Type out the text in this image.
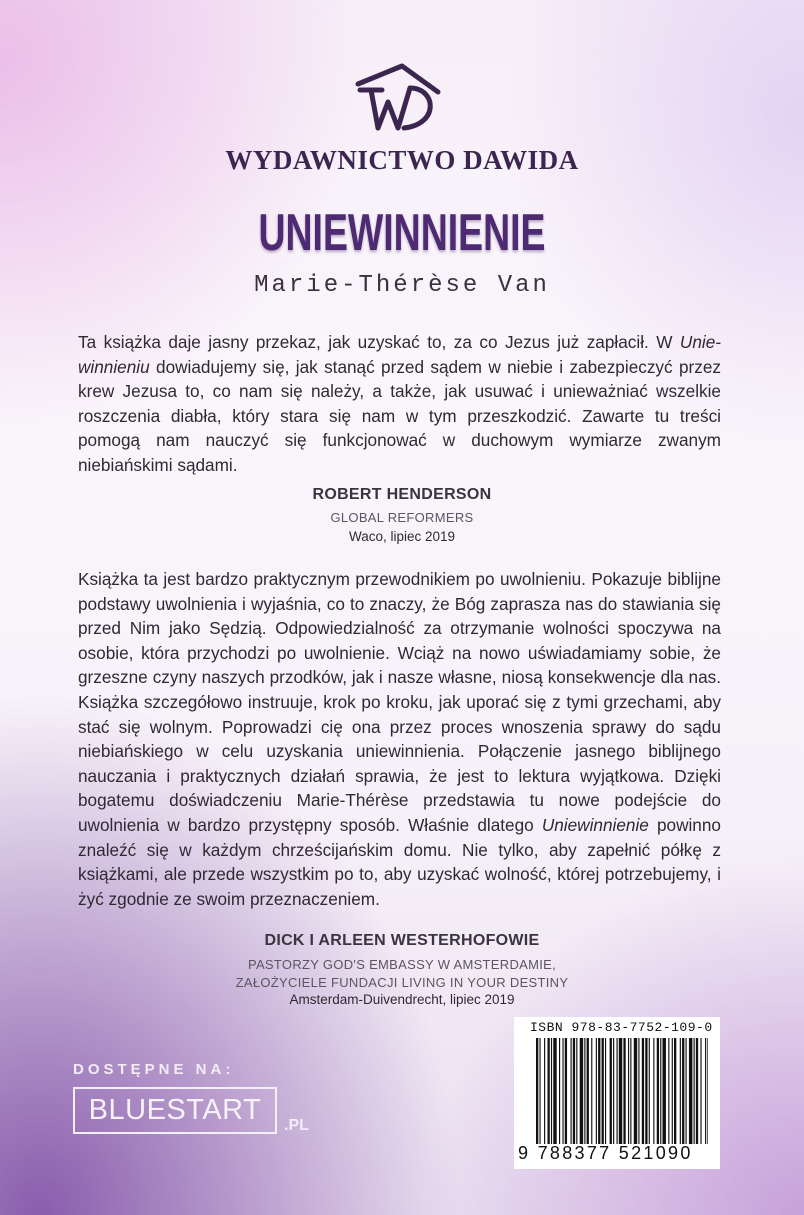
WYDAWNICTWO DAWIDA
UNIEWINNIENIE
Marie-Thérèse Van
Ta książka daje jasny przekaz, jak uzyskać to, za co Jezus już zapłacił. W Unie-winnieniu dowiadujemy się, jak stanąć przed sądem w niebie i zabezpieczyć przez krew Jezusa to, co nam się należy, a także, jak usuwać i unieważniać wszelkie roszczenia diabła, który stara się nam w tym przeszkodzić. Zawarte tu treści pomogą nam nauczyć się funkcjonować w duchowym wymiarze zwanym niebiańskimi sądami.
ROBERT HENDERSON
GLOBAL REFORMERS
Waco, lipiec 2019
Książka ta jest bardzo praktycznym przewodnikiem po uwolnieniu. Pokazuje biblijne podstawy uwolnienia i wyjaśnia, co to znaczy, że Bóg zaprasza nas do stawiania się przed Nim jako Sędzią. Odpowiedzialność za otrzymanie wolności spoczywa na osobie, która przychodzi po uwolnienie. Wciąż na nowo uświadamiamy sobie, że grzeszne czyny naszych przodków, jak i nasze własne, niosą konsekwencje dla nas. Książka szczegółowo instruuje, krok po kroku, jak uporać się z tymi grzechami, aby stać się wolnym. Poprowadzi cię ona przez proces wnoszenia sprawy do sądu niebiańskiego w celu uzyskania uniewinnienia. Połączenie jasnego biblijnego nauczania i praktycznych działań sprawia, że jest to lektura wyjątkowa. Dzięki bogatemu doświadczeniu Marie-Thérèse przedstawia tu nowe podejście do uwolnienia w bardzo przystępny sposób. Właśnie dlatego Uniewinnienie powinno znaleźć się w każdym chrześcijańskim domu. Nie tylko, aby zapełnić półkę z książkami, ale przede wszystkim po to, aby uzyskać wolność, której potrzebujemy, i żyć zgodnie ze swoim przeznaczeniem.
DICK I ARLEEN WESTERHOFOWIE
PASTORZY GOD'S EMBASSY W AMSTERDAMIE,
ZAŁOŻYCIELE FUNDACJI LIVING IN YOUR DESTINY
Amsterdam-Duivendrecht, lipiec 2019
DOSTĘPNE NA:
BLUESTART .PL
ISBN 978-83-7752-109-0
9 788377 521090
